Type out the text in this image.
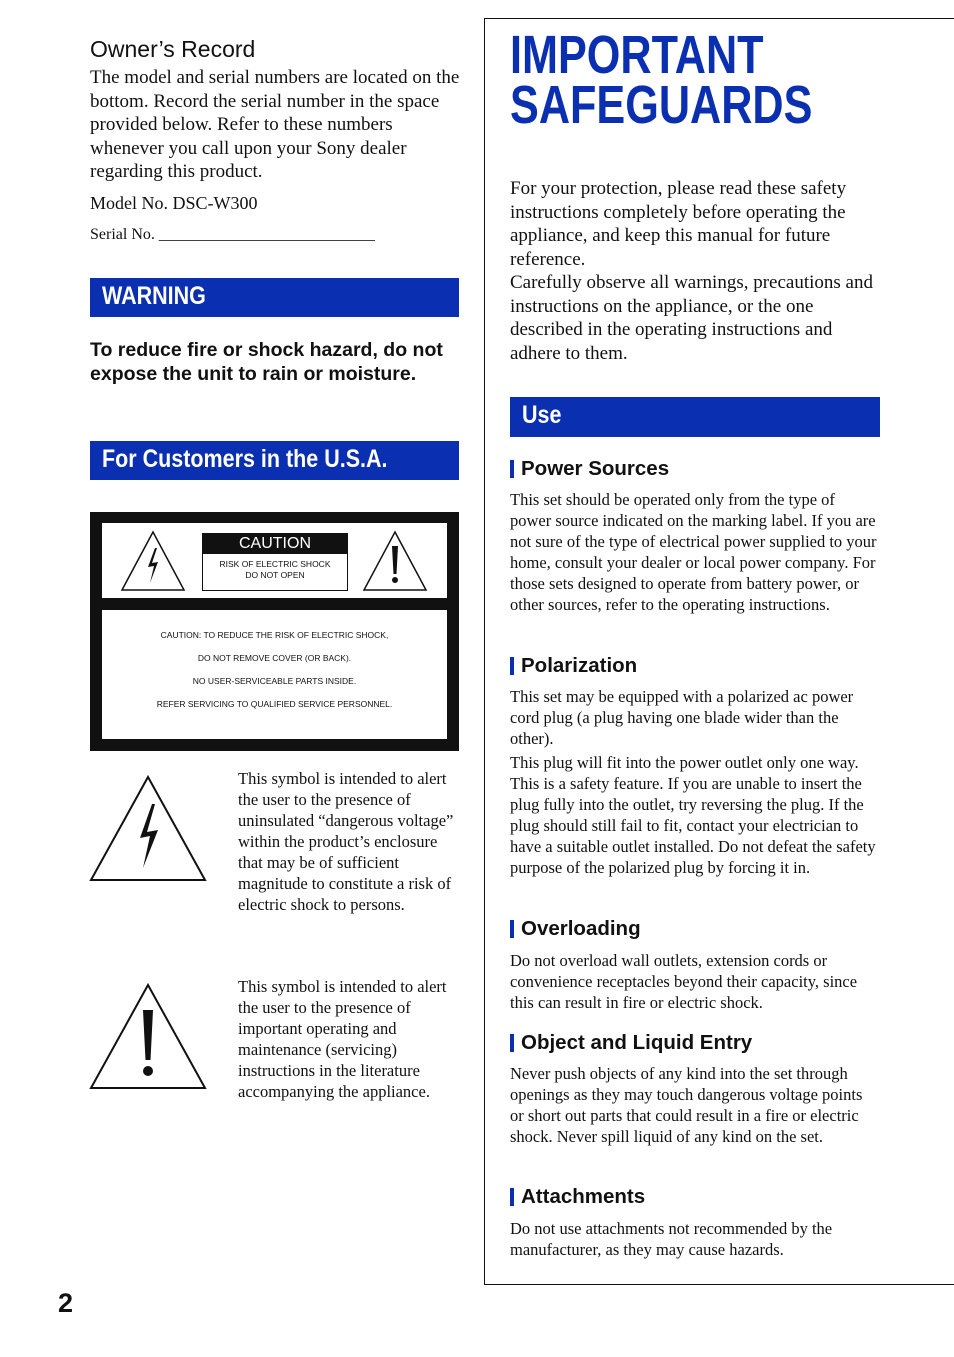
Owner’s Record
The model and serial numbers are located on the bottom. Record the serial number in the space provided below. Refer to these numbers whenever you call upon your Sony dealer regarding this product.
Model No. DSC-W300
Serial No. ___________________________
WARNING
To reduce fire or shock hazard, do not expose the unit to rain or moisture.
For Customers in the U.S.A.
CAUTION
RISK OF ELECTRIC SHOCK
DO NOT OPEN
CAUTION: TO REDUCE THE RISK OF ELECTRIC SHOCK,
DO NOT REMOVE COVER (OR BACK).
NO USER-SERVICEABLE PARTS INSIDE.
REFER SERVICING TO QUALIFIED SERVICE PERSONNEL.
This symbol is intended to alert the user to the presence of uninsulated “dangerous voltage” within the product’s enclosure that may be of sufficient magnitude to constitute a risk of electric shock to persons.
This symbol is intended to alert the user to the presence of important operating and maintenance (servicing) instructions in the literature accompanying the appliance.
2
IMPORTANT
SAFEGUARDS
For your protection, please read these safety instructions completely before operating the appliance, and keep this manual for future reference.
Carefully observe all warnings, precautions and instructions on the appliance, or the one described in the operating instructions and adhere to them.
Use
Power Sources
This set should be operated only from the type of power source indicated on the marking label. If you are not sure of the type of electrical power supplied to your home, consult your dealer or local power company. For those sets designed to operate from battery power, or other sources, refer to the operating instructions.
Polarization
This set may be equipped with a polarized ac power cord plug (a plug having one blade wider than the other).
This plug will fit into the power outlet only one way. This is a safety feature. If you are unable to insert the plug fully into the outlet, try reversing the plug. If the plug should still fail to fit, contact your electrician to have a suitable outlet installed. Do not defeat the safety purpose of the polarized plug by forcing it in.
Overloading
Do not overload wall outlets, extension cords or convenience receptacles beyond their capacity, since this can result in fire or electric shock.
Object and Liquid Entry
Never push objects of any kind into the set through openings as they may touch dangerous voltage points or short out parts that could result in a fire or electric shock. Never spill liquid of any kind on the set.
Attachments
Do not use attachments not recommended by the manufacturer, as they may cause hazards.
